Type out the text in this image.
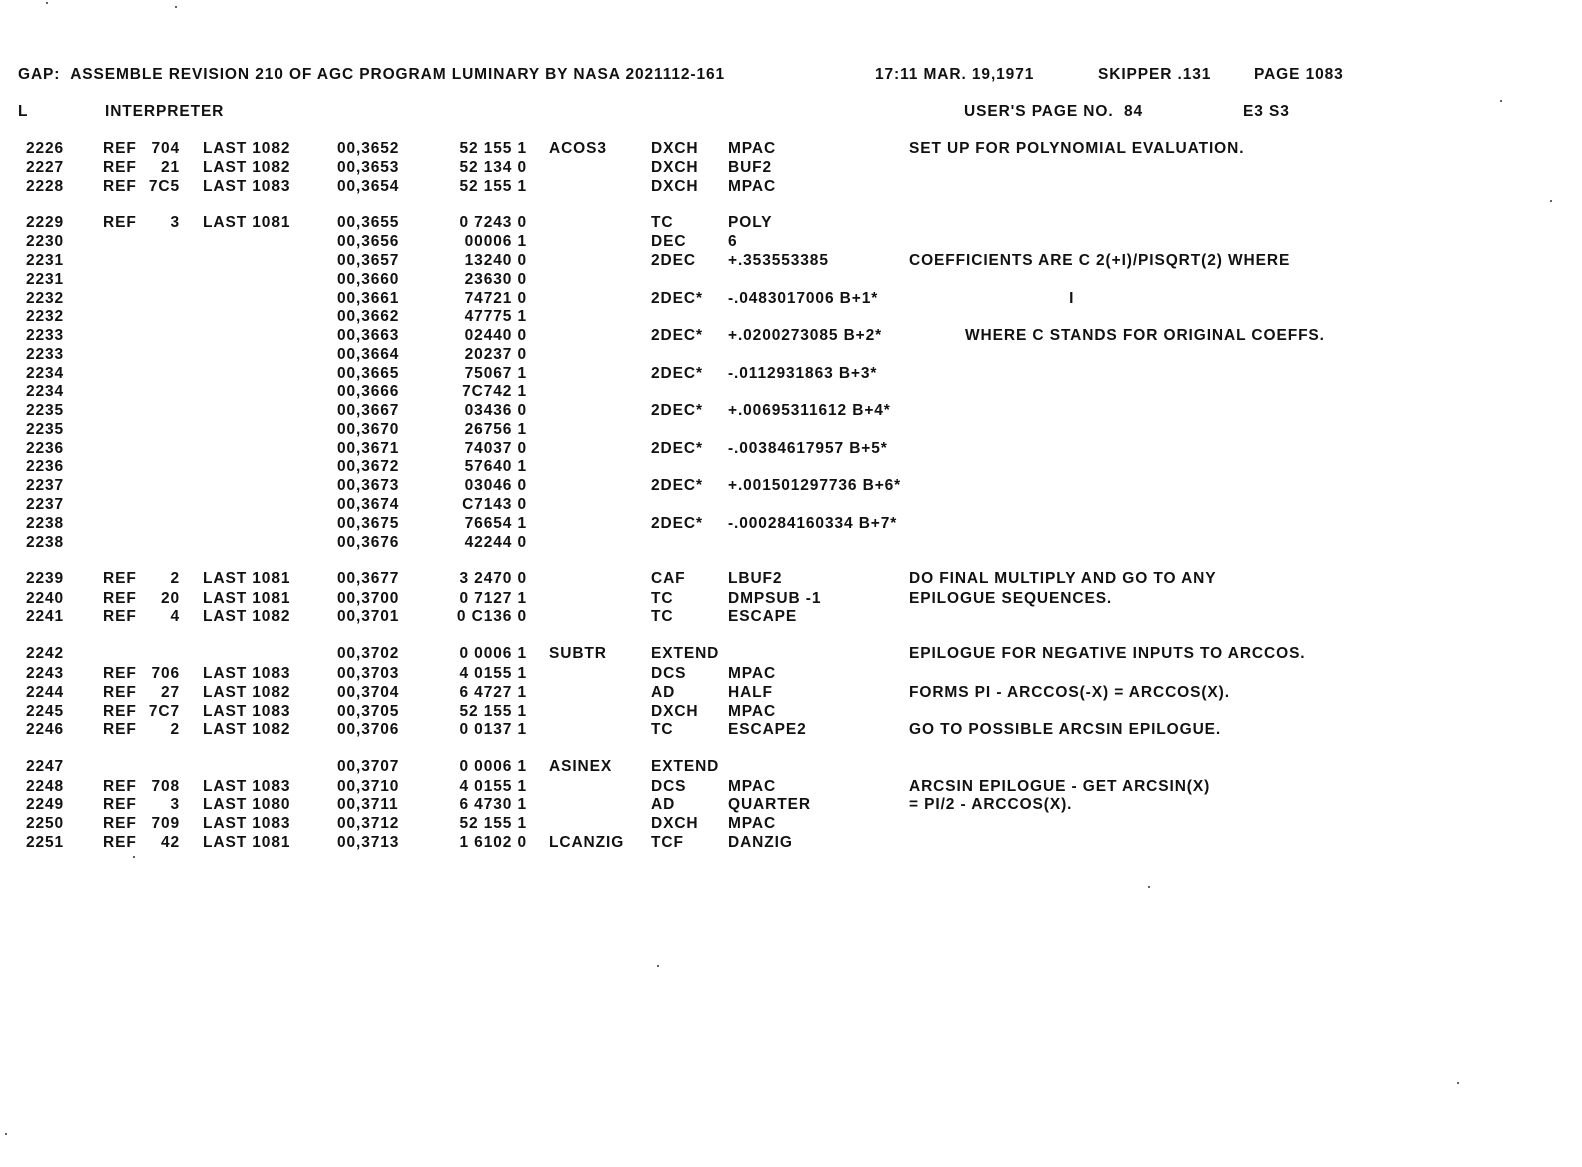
GAP:  ASSEMBLE REVISION 210 OF AGC PROGRAM LUMINARY BY NASA 2021112-161

	17:11 MAR. 19,1971

	SKIPPER .131

	PAGE 1083

L

	INTERPRETER

	USER'S PAGE NO.  84

	E3 S3

2226	REF 704 LAST 1082	00,3652	52 155 1 ACOS3	DXCH MPAC	SET UP FOR POLYNOMIAL EVALUATION.
2227	REF	21 LAST 1082	00,3653	52 134 0	DXCH BUF2
2228	REF 7C5 LAST 1083	00,3654	52 155 1	DXCH MPAC
2229	REF	3 LAST 1081	00,3655	0 7243 0	TC	POLY
2230	00,3656	00006 1	DEC	6
2231	00,3657	13240 0	2DEC +.353553385	COEFFICIENTS ARE C 2(+I)/PISQRT(2) WHERE
2231	00,3660	23630 0
2232	00,3661	74721 0	2DEC* -.0483017006 B+1*	I
2232	00,3662	47775 1
2233	00,3663	02440 0	2DEC* +.0200273085 B+2*	WHERE C STANDS FOR ORIGINAL COEFFS.
2233	00,3664	20237 0
2234	00,3665	75067 1	2DEC* -.0112931863 B+3*
2234	00,3666	7C742 1
2235	00,3667	03436 0	2DEC* +.00695311612 B+4*
2235	00,3670	26756 1
2236	00,3671	74037 0	2DEC* -.00384617957 B+5*
2236	00,3672	57640 1
2237	00,3673	03046 0	2DEC* +.001501297736 B+6*
2237	00,3674	C7143 0
2238	00,3675	76654 1	2DEC* -.000284160334 B+7*
2238	00,3676	42244 0
2239	REF	2 LAST 1081	00,3677	3 2470 0	CAF	LBUF2	DO FINAL MULTIPLY AND GO TO ANY
2240	REF	20 LAST 1081	00,3700	0 7127 1	TC	DMPSUB -1	EPILOGUE SEQUENCES.
2241	REF	4 LAST 1082	00,3701	0 C136 0	TC	ESCAPE
2242	00,3702	0 0006 1 SUBTR	EXTEND	EPILOGUE FOR NEGATIVE INPUTS TO ARCCOS.
2243	REF 706 LAST 1083	00,3703	4 0155 1	DCS	MPAC
2244	REF	27 LAST 1082	00,3704	6 4727 1	AD	HALF	FORMS PI - ARCCOS(-X) = ARCCOS(X).
2245	REF 7C7 LAST 1083	00,3705	52 155 1	DXCH MPAC
2246	REF	2 LAST 1082	00,3706	0 0137 1	TC	ESCAPE2	GO TO POSSIBLE ARCSIN EPILOGUE.
2247	00,3707	0 0006 1 ASINEX	EXTEND
2248	REF 708 LAST 1083	00,3710	4 0155 1	DCS	MPAC	ARCSIN EPILOGUE - GET ARCSIN(X)
2249	REF	3 LAST 1080	00,3711	6 4730 1	AD	QUARTER	= PI/2 - ARCCOS(X).
2250	REF 709 LAST 1083	00,3712	52 155 1	DXCH MPAC
2251	REF	42 LAST 1081	00,3713	1 6102 0 LCANZIG TCF	DANZIG
